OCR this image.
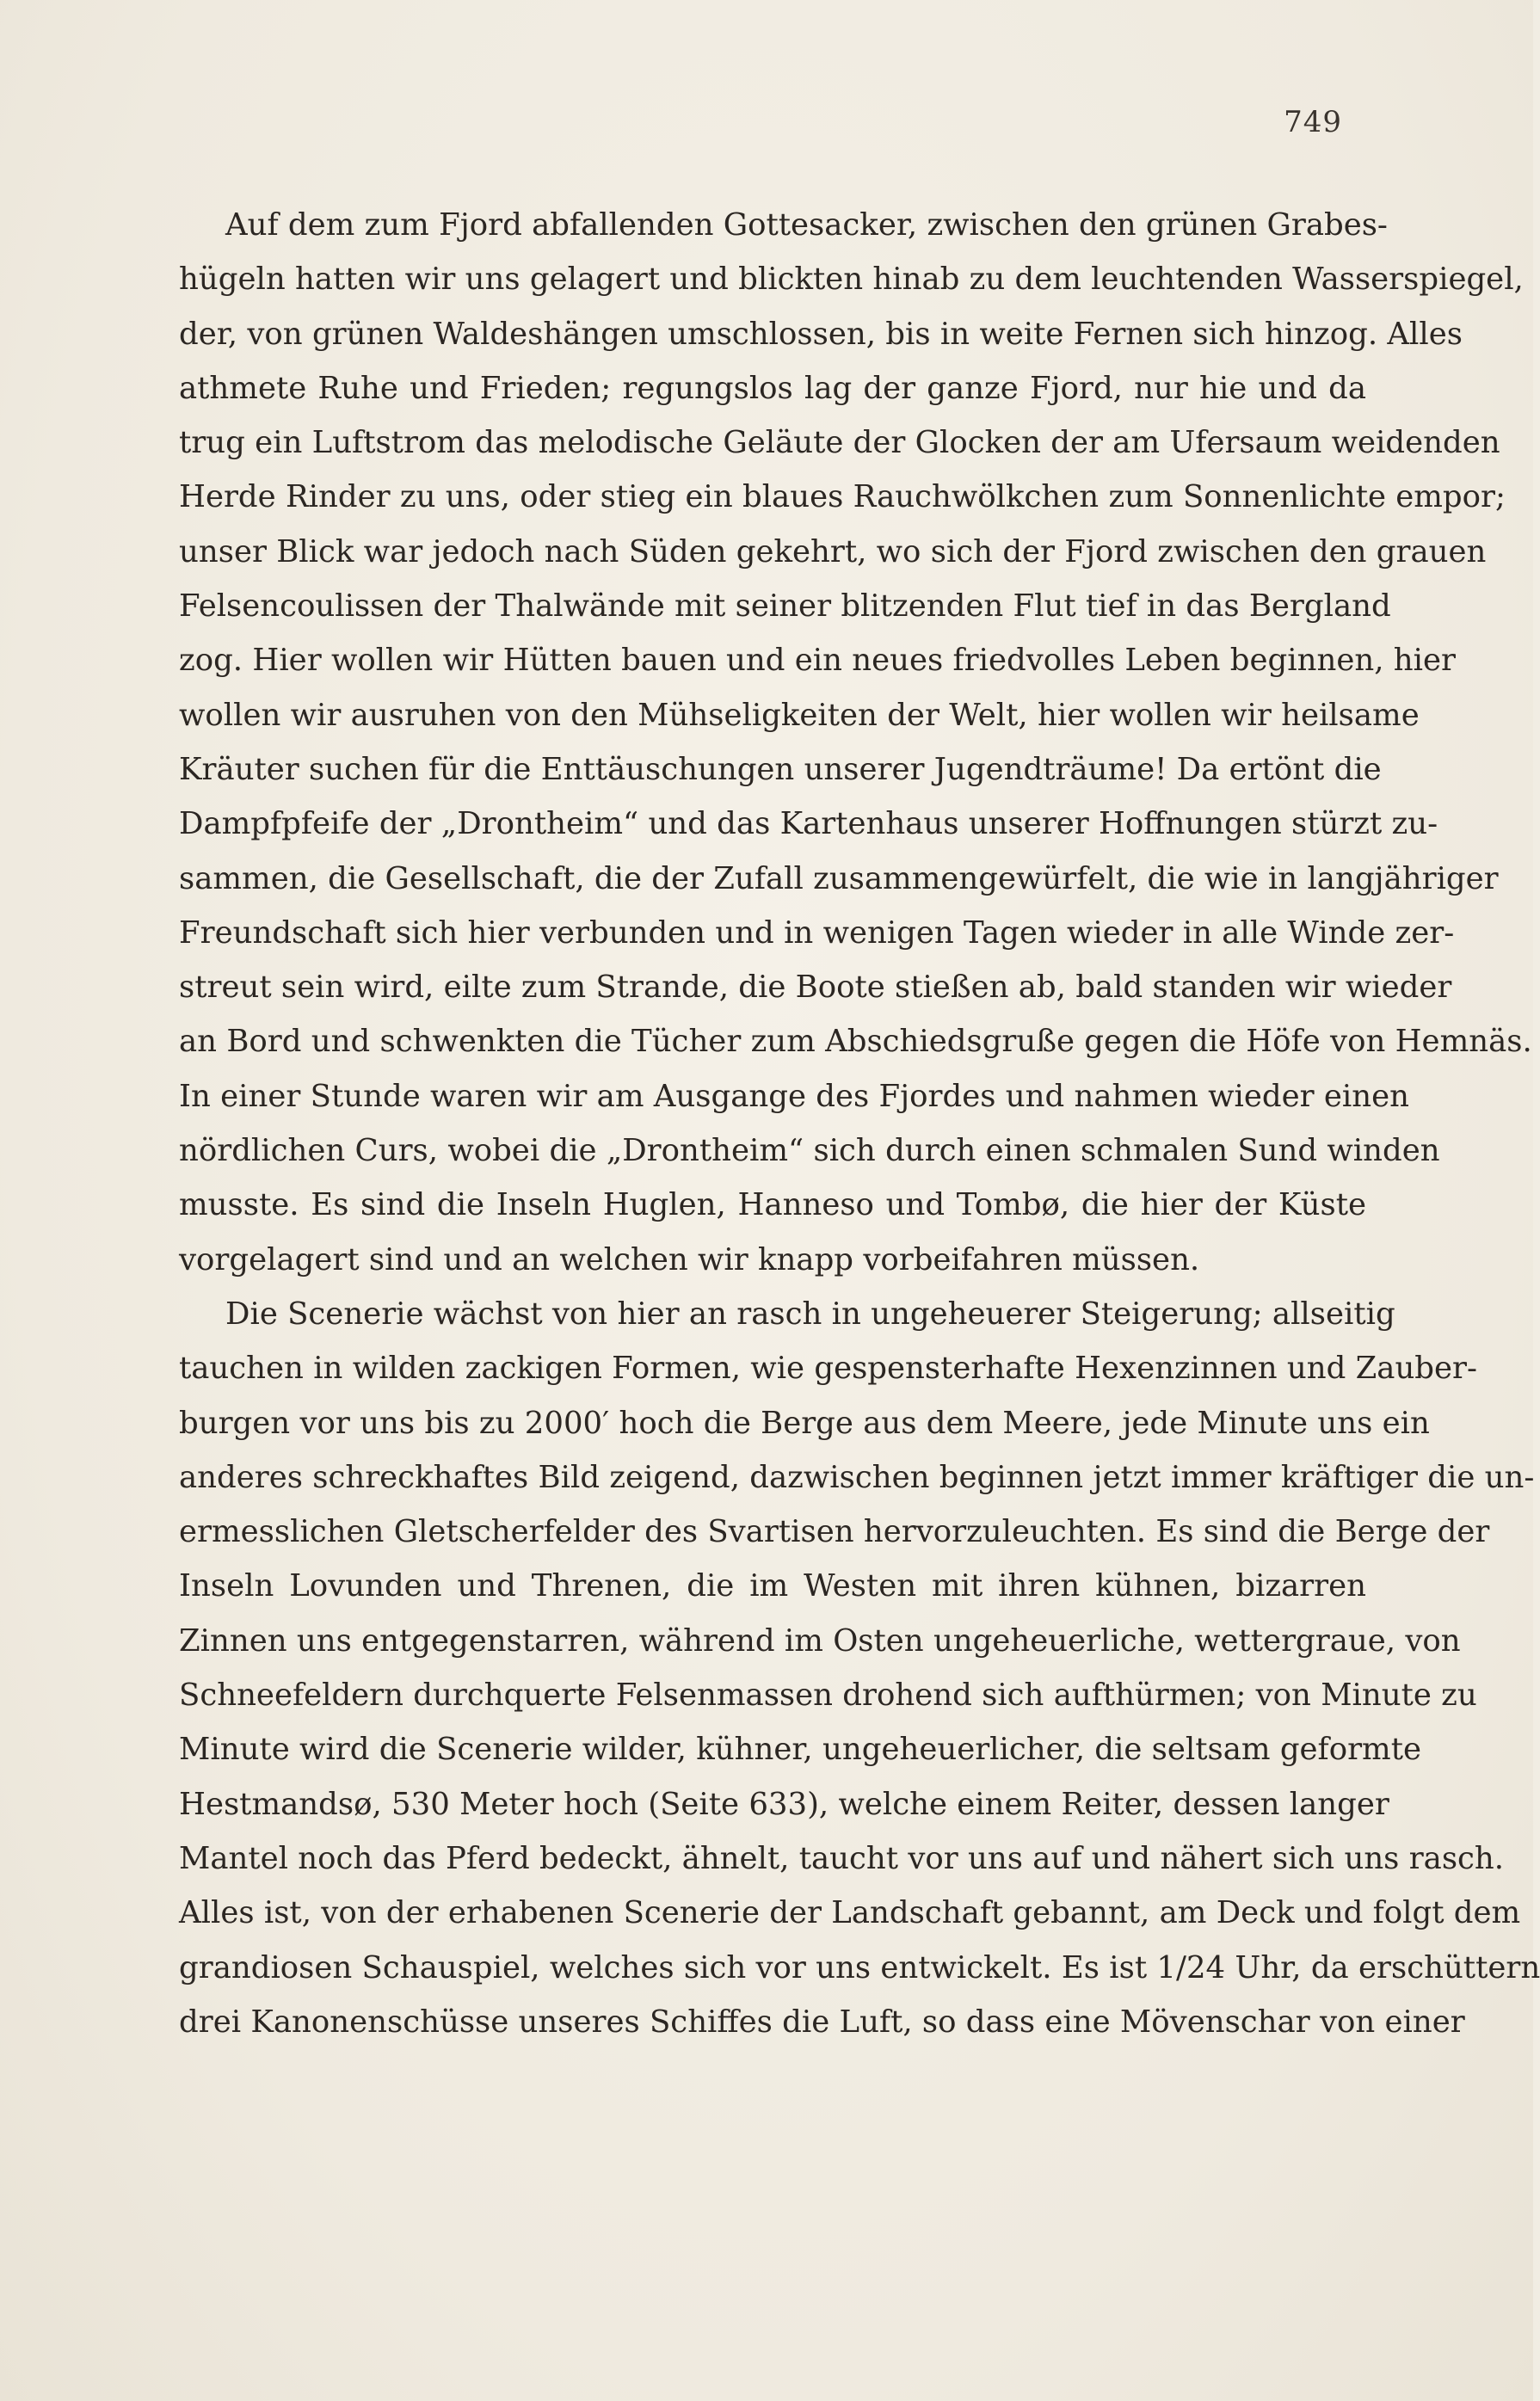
749
Auf dem zum Fjord abfallenden Gottesacker, zwischen den grünen Grabes-
hügeln hatten wir uns gelagert und blickten hinab zu dem leuchtenden Wasserspiegel,
der, von grünen Waldeshängen umschlossen, bis in weite Fernen sich hinzog. Alles
athmete Ruhe und Frieden; regungslos lag der ganze Fjord, nur hie und da
trug ein Luftstrom das melodische Geläute der Glocken der am Ufersaum weidenden
Herde Rinder zu uns, oder stieg ein blaues Rauchwölkchen zum Sonnenlichte empor;
unser Blick war jedoch nach Süden gekehrt, wo sich der Fjord zwischen den grauen
Felsencoulissen der Thalwände mit seiner blitzenden Flut tief in das Bergland
zog. Hier wollen wir Hütten bauen und ein neues friedvolles Leben beginnen, hier
wollen wir ausruhen von den Mühseligkeiten der Welt, hier wollen wir heilsame
Kräuter suchen für die Enttäuschungen unserer Jugendträume! Da ertönt die
Dampfpfeife der „Drontheim“ und das Kartenhaus unserer Hoffnungen stürzt zu-
sammen, die Gesellschaft, die der Zufall zusammengewürfelt, die wie in langjähriger
Freundschaft sich hier verbunden und in wenigen Tagen wieder in alle Winde zer-
streut sein wird, eilte zum Strande, die Boote stießen ab, bald standen wir wieder
an Bord und schwenkten die Tücher zum Abschiedsgruße gegen die Höfe von Hemnäs.
In einer Stunde waren wir am Ausgange des Fjordes und nahmen wieder einen
nördlichen Curs, wobei die „Drontheim“ sich durch einen schmalen Sund winden
musste. Es sind die Inseln Huglen, Hanneso und Tombø, die hier der Küste
vorgelagert sind und an welchen wir knapp vorbeifahren müssen.
Die Scenerie wächst von hier an rasch in ungeheuerer Steigerung; allseitig
tauchen in wilden zackigen Formen, wie gespensterhafte Hexenzinnen und Zauber-
burgen vor uns bis zu 2000′ hoch die Berge aus dem Meere, jede Minute uns ein
anderes schreckhaftes Bild zeigend, dazwischen beginnen jetzt immer kräftiger die un-
ermesslichen Gletscherfelder des Svartisen hervorzuleuchten. Es sind die Berge der
Inseln Lovunden und Threnen, die im Westen mit ihren kühnen, bizarren
Zinnen uns entgegenstarren, während im Osten ungeheuerliche, wettergraue, von
Schneefeldern durchquerte Felsenmassen drohend sich aufthürmen; von Minute zu
Minute wird die Scenerie wilder, kühner, ungeheuerlicher, die seltsam geformte
Hestmandsø, 530 Meter hoch (Seite 633), welche einem Reiter, dessen langer
Mantel noch das Pferd bedeckt, ähnelt, taucht vor uns auf und nähert sich uns rasch.
Alles ist, von der erhabenen Scenerie der Landschaft gebannt, am Deck und folgt dem
grandiosen Schauspiel, welches sich vor uns entwickelt. Es ist 1/24 Uhr, da erschüttern
drei Kanonenschüsse unseres Schiffes die Luft, so dass eine Mövenschar von einer
